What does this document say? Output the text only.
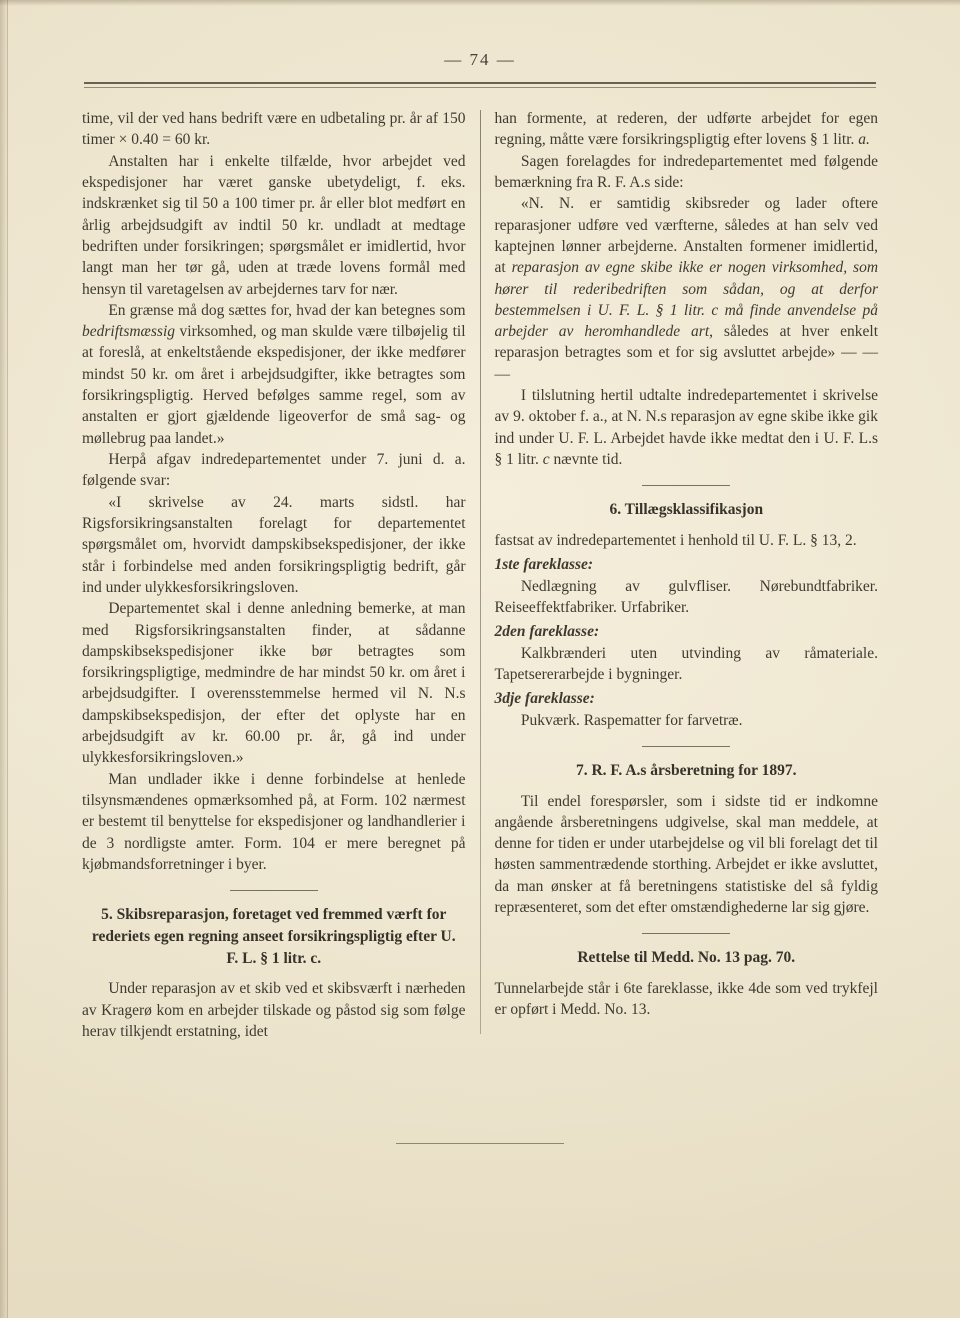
— 74 —

time, vil der ved hans bedrift være en udbetaling pr. år af 150 timer × 0.40 = 60 kr.

Anstalten har i enkelte tilfælde, hvor arbejdet ved ekspedisjoner har været ganske ubetydeligt, f. eks. indskrænket sig til 50 a 100 timer pr. år eller blot medført en årlig arbejdsudgift av indtil 50 kr. undladt at medtage bedriften under forsikringen; spørgsmålet er imidlertid, hvor langt man her tør gå, uden at træde lovens formål med hensyn til varetagelsen av arbejdernes tarv for nær.

En grænse må dog sættes for, hvad der kan betegnes som bedriftsmæssig virksomhed, og man skulde være tilbøjelig til at foreslå, at enkeltstående ekspedisjoner, der ikke medfører mindst 50 kr. om året i arbejdsudgifter, ikke betragtes som forsikringspligtig. Herved befølges samme regel, som av anstalten er gjort gjældende ligeoverfor de små sag- og møllebrug paa landet.»

Herpå afgav indredepartementet under 7. juni d. a. følgende svar:

«I skrivelse av 24. marts sidstl. har Rigsforsikringsanstalten forelagt for departementet spørgsmålet om, hvorvidt dampskibsekspedisjoner, der ikke står i forbindelse med anden forsikringspligtig bedrift, går ind under ulykkesforsikringsloven.

Departementet skal i denne anledning bemerke, at man med Rigsforsikringsanstalten finder, at sådanne dampskibsekspedisjoner ikke bør betragtes som forsikringspligtige, medmindre de har mindst 50 kr. om året i arbejdsudgifter. I overensstemmelse hermed vil N. N.s dampskibsekspedisjon, der efter det oplyste har en arbejdsudgift av kr. 60.00 pr. år, gå ind under ulykkesforsikringsloven.»

Man undlader ikke i denne forbindelse at henlede tilsynsmændenes opmærksomhed på, at Form. 102 nærmest er bestemt til benyttelse for ekspedisjoner og landhandlerier i de 3 nordligste amter. Form. 104 er mere beregnet på kjøbmandsforretninger i byer.

5. Skibsreparasjon, foretaget ved fremmed værft for rederiets egen regning anseet forsikringspligtig efter U. F. L. § 1 litr. c.

Under reparasjon av et skib ved et skibsværft i nærheden av Kragerø kom en arbejder tilskade og påstod sig som følge herav tilkjendt erstatning, idet

han formente, at rederen, der udførte arbejdet for egen regning, måtte være forsikringspligtig efter lovens § 1 litr. a.

Sagen forelagdes for indredepartementet med følgende bemærkning fra R. F. A.s side:

«N. N. er samtidig skibsreder og lader oftere reparasjoner udføre ved værfterne, således at han selv ved kaptejnen lønner arbejderne. Anstalten formener imidlertid, at reparasjon av egne skibe ikke er nogen virksomhed, som hører til rederibedriften som sådan, og at derfor bestemmelsen i U. F. L. § 1 litr. c må finde anvendelse på arbejder av heromhandlede art, således at hver enkelt reparasjon betragtes som et for sig avsluttet arbejde» — — —

I tilslutning hertil udtalte indredepartementet i skrivelse av 9. oktober f. a., at N. N.s reparasjon av egne skibe ikke gik ind under U. F. L. Arbejdet havde ikke medtat den i U. F. L.s § 1 litr. c nævnte tid.

6. Tillægsklassifikasjon

fastsat av indredepartementet i henhold til U. F. L. § 13, 2.

1ste fareklasse:

Nedlægning av gulvfliser. Nørebundtfabriker. Reiseeffektfabriker. Urfabriker.

2den fareklasse:

Kalkbrænderi uten utvinding av råmateriale. Tapetsererarbejde i bygninger.

3dje fareklasse:

Pukværk. Raspematter for farvetræ.

7. R. F. A.s årsberetning for 1897.

Til endel forespørsler, som i sidste tid er indkomne angående årsberetningens udgivelse, skal man meddele, at denne for tiden er under utarbejdelse og vil bli forelagt det til høsten sammentrædende storthing. Arbejdet er ikke avsluttet, da man ønsker at få beretningens statistiske del så fyldig repræsenteret, som det efter omstændighederne lar sig gjøre.

Rettelse til Medd. No. 13 pag. 70.

Tunnelarbejde står i 6te fareklasse, ikke 4de som ved trykfejl er opført i Medd. No. 13.
